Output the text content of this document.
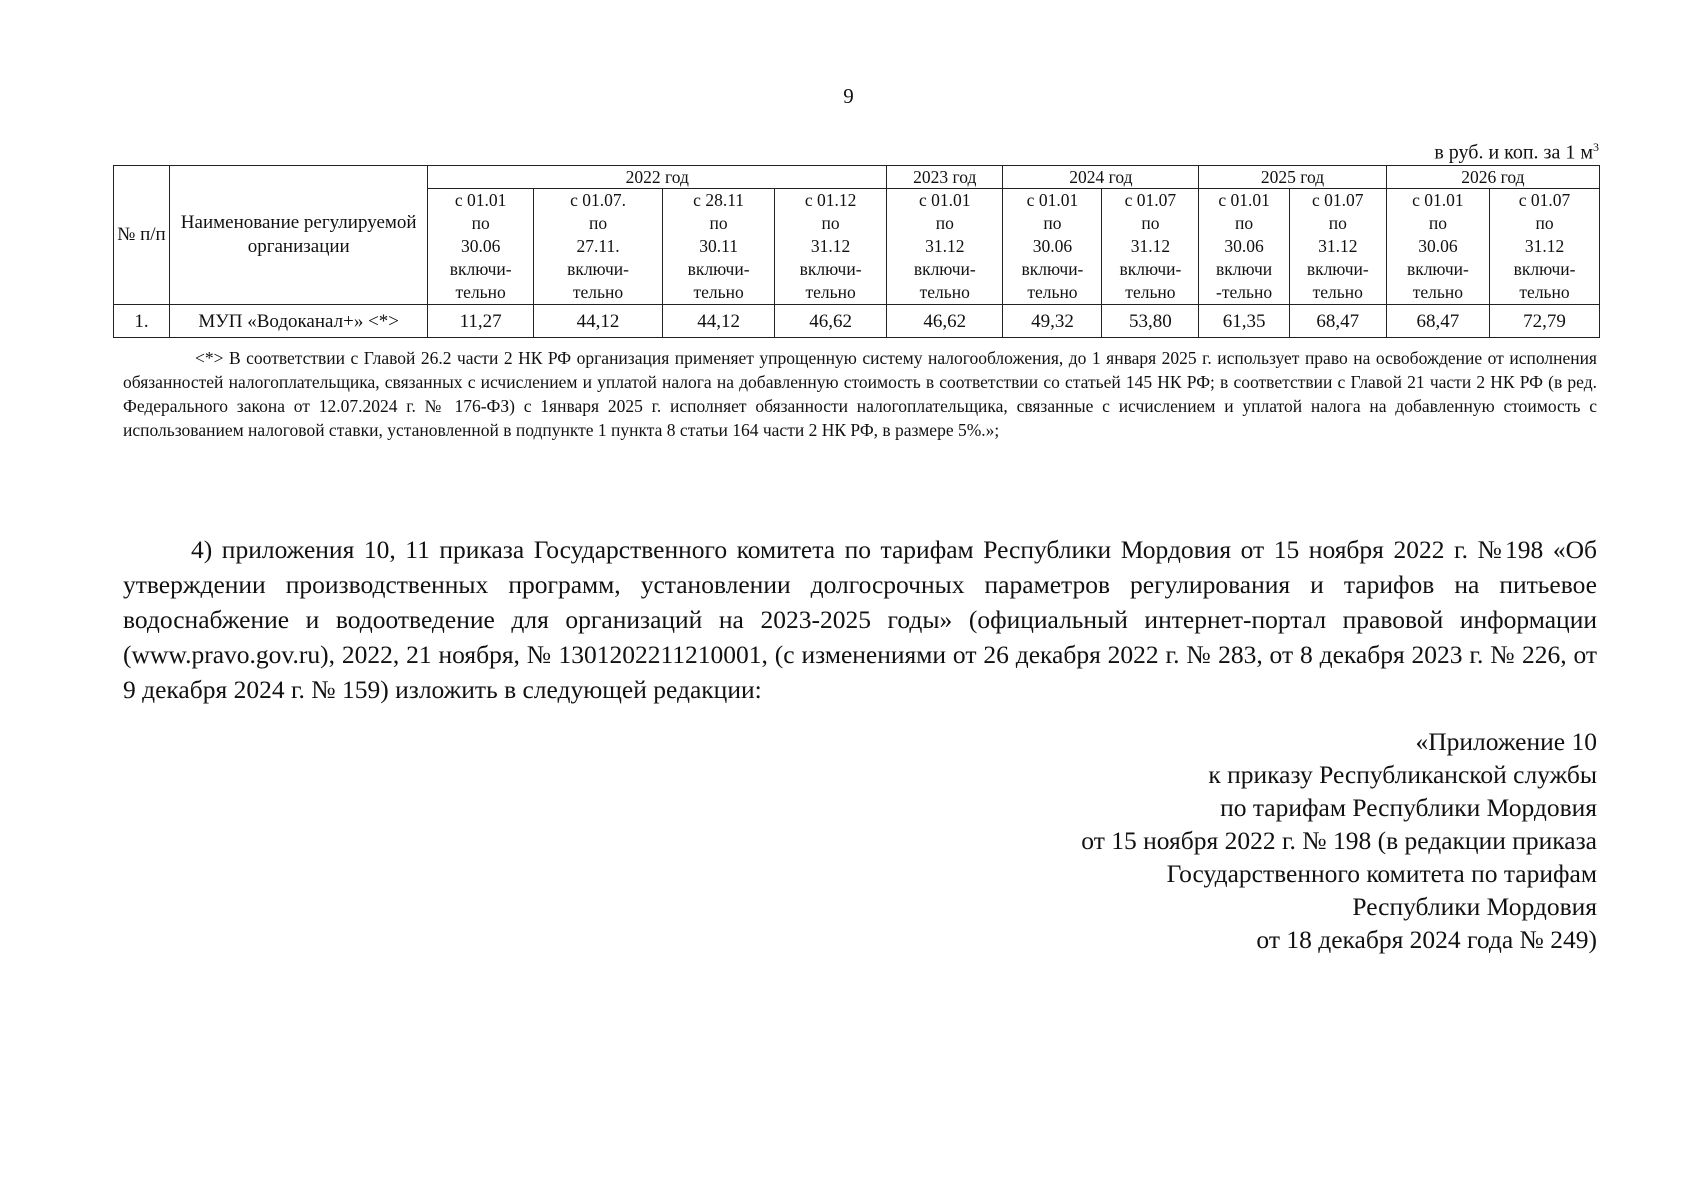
9
в руб. и коп. за 1 $м^3$
№ п/п	Наименование регулируемой организации	2022 год				2023 год	2024 год		2025 год		2026 год	

		с 01.01
по
30.06
включи-
тельно	с 01.07.
по
27.11.
включи-
тельно	с 28.11
по
30.11
включи-
тельно	с 01.12
по
31.12
включи-
тельно	с 01.01
по
31.12
включи-
тельно	с 01.01
по
30.06
включи-
тельно	с 01.07
по
31.12
включи-
тельно	с 01.01
по
30.06
включи
-тельно	с 01.07
по
31.12
включи-
тельно	с 01.01
по
30.06
включи-
тельно	с 01.07
по
31.12
включи-
тельно

1.	МУП «Водоканал+» <*>	11,27	44,12	44,12	46,62	46,62	49,32	53,80	61,35	68,47	68,47	72,79
<*> В соответствии с Главой 26.2 части 2 НК РФ организация применяет упрощенную систему налогообложения, до 1 января 2025 г. использует право на освобождение от исполнения обязанностей налогоплательщика, связанных с исчислением и уплатой налога на добавленную стоимость в соответствии со статьей 145 НК РФ; в соответствии с Главой 21 части 2 НК РФ (в ред. Федерального закона от 12.07.2024 г. № 176-ФЗ) с 1января 2025 г. исполняет обязанности налогоплательщика, связанные с исчислением и уплатой налога на добавленную стоимость с использованием налоговой ставки, установленной в подпункте 1 пункта 8 статьи 164 части 2 НК РФ, в размере 5%.»;
4) приложения 10, 11 приказа Государственного комитета по тарифам Республики Мордовия от 15 ноября 2022 г. №198 «Об утверждении производственных программ, установлении долгосрочных параметров регулирования и тарифов на питьевое водоснабжение и водоотведение для организаций на 2023-2025 годы» (официальный интернет-портал правовой информации (www.pravo.gov.ru), 2022, 21 ноября, № 1301202211210001, (с изменениями от 26 декабря 2022 г. № 283, от 8 декабря 2023 г. № 226, от 9 декабря 2024 г. № 159) изложить в следующей редакции:
«Приложение 10
к приказу Республиканской службы
по тарифам Республики Мордовия
от 15 ноября 2022 г. № 198 (в редакции приказа
Государственного комитета по тарифам
Республики Мордовия
от 18 декабря 2024 года № 249)
